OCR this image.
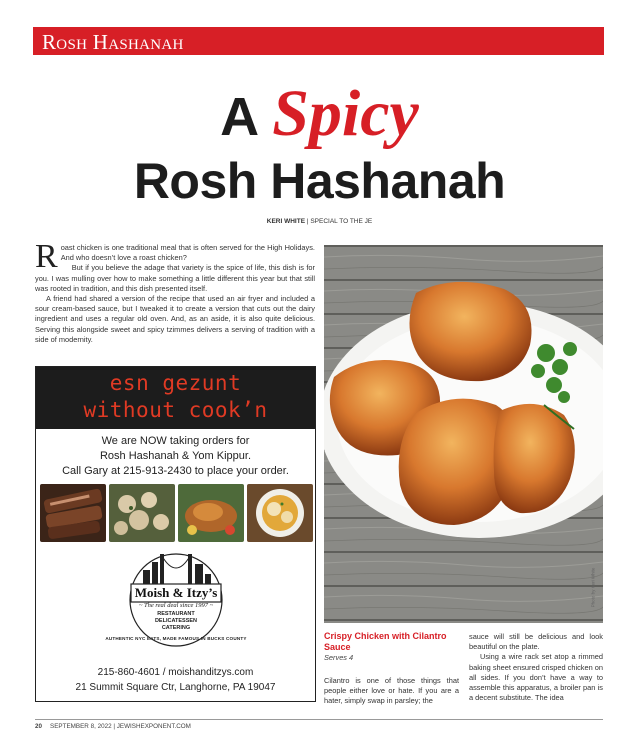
Rosh Hashanah
A Spicy
Rosh Hashanah
KERI WHITE | SPECIAL TO THE JE

Roast chicken is one traditional meal that is often served for the High Holidays. And who doesn’t love a roast chicken?

But if you believe the adage that variety is the spice of life, this dish is for you. I was mulling over how to make something a little different this year but that still was rooted in tradition, and this dish presented itself.

A friend had shared a version of the recipe that used an air fryer and included a sour cream-based sauce, but I tweaked it to create a version that cuts out the dairy ingredient and uses a regular old oven. And, as an aside, it is also quite delicious. Serving this alongside sweet and spicy tzimmes delivers a serving of tradition with a side of modernity.

esn gezunt
without cook’n
We are NOW taking orders for
Rosh Hashanah & Yom Kippur.
Call Gary at 215-913-2430 to place your order.
Moish & Itzy’s
~ The real deal since 1997 ~
RESTAURANT
DELICATESSEN
CATERING
AUTHENTIC NYC EATS, MADE FAMOUS IN BUCKS COUNTY
215-860-4601 / moishanditzys.com
21 Summit Square Ctr, Langhorne, PA 19047
Photo by Keri White
Crispy Chicken with Cilantro Sauce
Serves 4

Cilantro is one of those things that people either love or hate. If you are a hater, simply swap in parsley; the

sauce will still be delicious and look beautiful on the plate.

Using a wire rack set atop a rimmed baking sheet ensured crisped chicken on all sides. If you don’t have a way to assemble this apparatus, a broiler pan is a decent substitute. The idea

20 SEPTEMBER 8, 2022 | JEWISHEXPONENT.COM
